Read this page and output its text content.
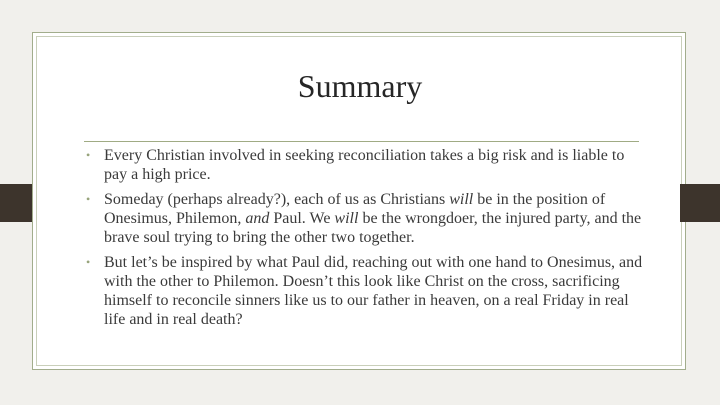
Summary
• Every Christian involved in seeking reconciliation takes a big risk and is liable to pay a high price.
• Someday (perhaps already?), each of us as Christians will be in the position of Onesimus, Philemon, and Paul. We will be the wrongdoer, the injured party, and the brave soul trying to bring the other two together.
• But let’s be inspired by what Paul did, reaching out with one hand to Onesimus, and with the other to Philemon. Doesn’t this look like Christ on the cross, sacrificing himself to reconcile sinners like us to our father in heaven, on a real Friday in real life and in real death?
